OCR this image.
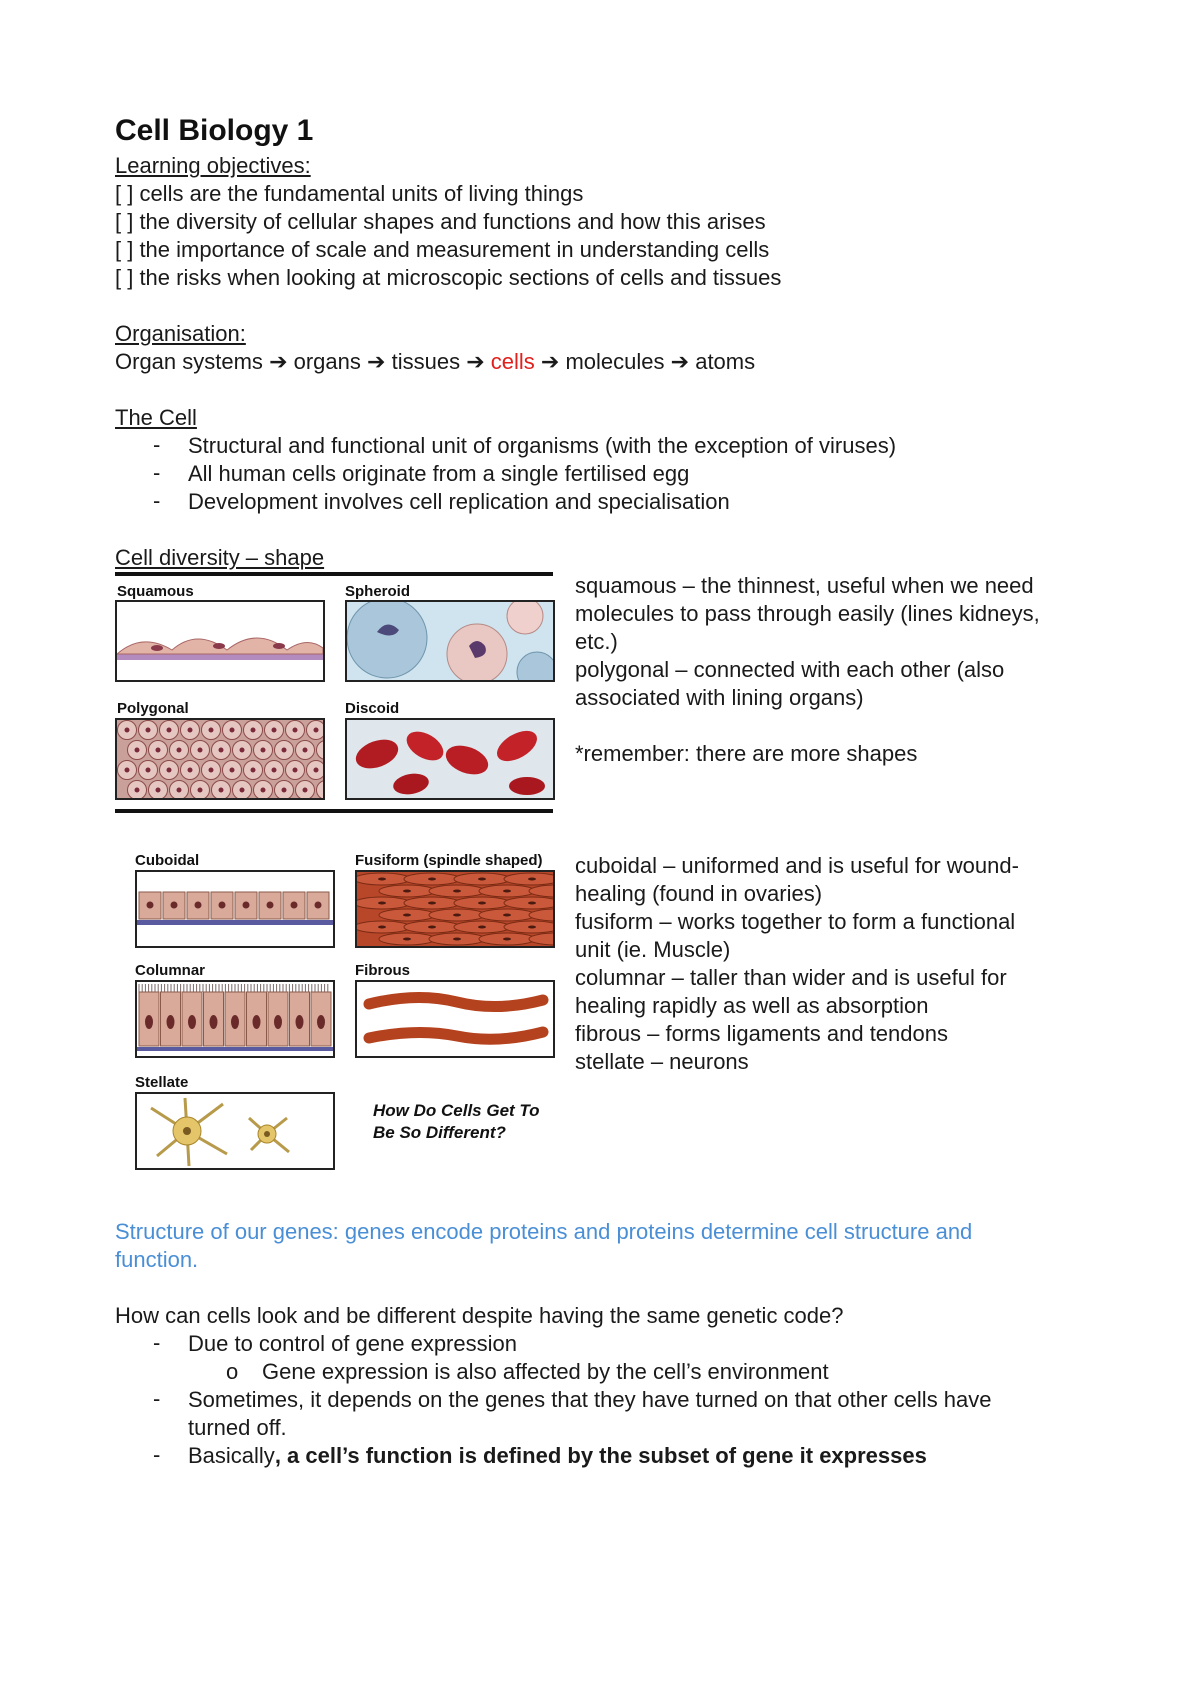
Cell Biology 1
Learning objectives:
[ ] cells are the fundamental units of living things
[ ] the diversity of cellular shapes and functions and how this arises
[ ] the importance of scale and measurement in understanding cells
[ ] the risks when looking at microscopic sections of cells and tissues
Organisation:
Organ systems ➔ organs ➔ tissues ➔ cells ➔ molecules ➔ atoms
The Cell
- Structural and functional unit of organisms (with the exception of viruses)
- All human cells originate from a single fertilised egg
- Development involves cell replication and specialisation
Cell diversity – shape
Squamous	Spheroid
Polygonal	Discoid
squamous – the thinnest, useful when we need
molecules to pass through easily (lines kidneys,
etc.)
polygonal – connected with each other (also
associated with lining organs)
*remember: there are more shapes
Cuboidal	Fusiform (spindle shaped)
Columnar	Fibrous
Stellate
How Do Cells Get To
Be So Different?
cuboidal – uniformed and is useful for wound-
healing (found in ovaries)
fusiform – works together to form a functional
unit (ie. Muscle)
columnar – taller than wider and is useful for
healing rapidly as well as absorption
fibrous – forms ligaments and tendons
stellate – neurons
Structure of our genes: genes encode proteins and proteins determine cell structure and
function.
How can cells look and be different despite having the same genetic code?
- Due to control of gene expression
o Gene expression is also affected by the cell’s environment
- Sometimes, it depends on the genes that they have turned on that other cells have
turned off.
- Basically, a cell’s function is defined by the subset of gene it expresses
